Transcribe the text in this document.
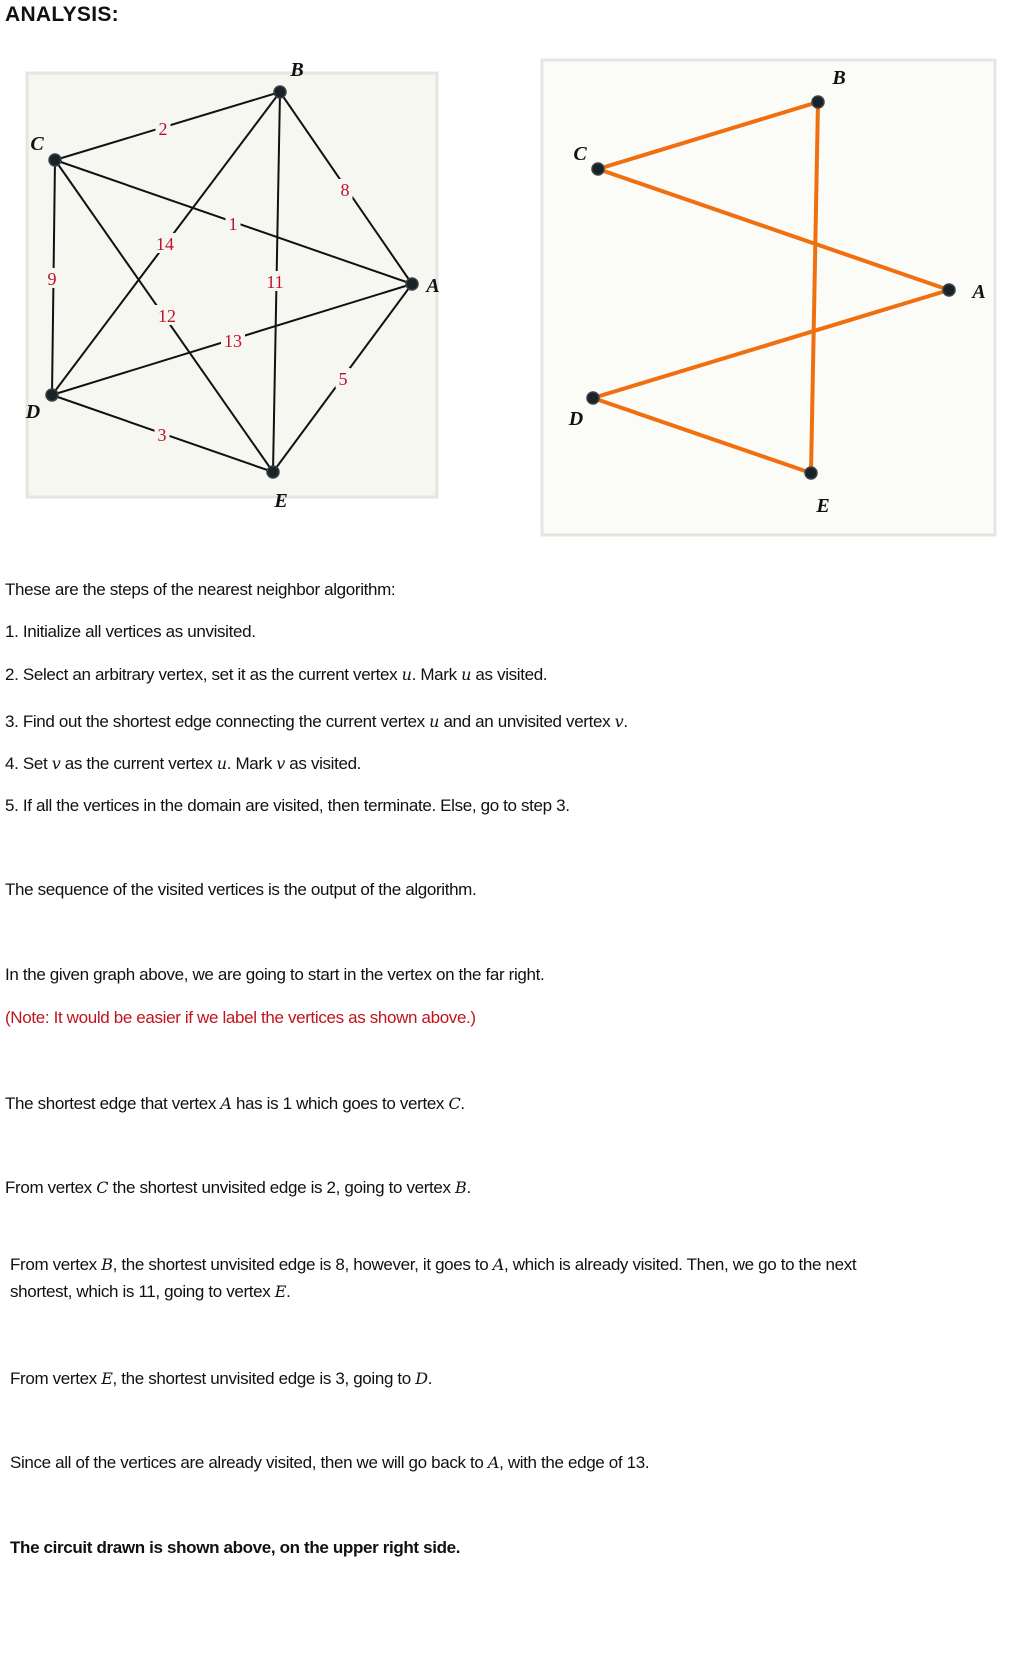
ANALYSIS:
2
8
1
14
9	11
12
13
5
3
A
B
C
D
E
A
B
C
D
E
These are the steps of the nearest neighbor algorithm:
1. Initialize all vertices as unvisited.
2. Select an arbitrary vertex, set it as the current vertex u. Mark u as visited.
3. Find out the shortest edge connecting the current vertex u and an unvisited vertex v.
4. Set v as the current vertex u. Mark v as visited.
5. If all the vertices in the domain are visited, then terminate. Else, go to step 3.
The sequence of the visited vertices is the output of the algorithm.
In the given graph above, we are going to start in the vertex on the far right.
(Note: It would be easier if we label the vertices as shown above.)
The shortest edge that vertex A has is 1 which goes to vertex C.
From vertex C the shortest unvisited edge is 2, going to vertex B.
From vertex B, the shortest unvisited edge is 8, however, it goes to A, which is already visited. Then, we go to the next
shortest, which is 11, going to vertex E.
From vertex E, the shortest unvisited edge is 3, going to D.
Since all of the vertices are already visited, then we will go back to A, with the edge of 13.
The circuit drawn is shown above, on the upper right side.
